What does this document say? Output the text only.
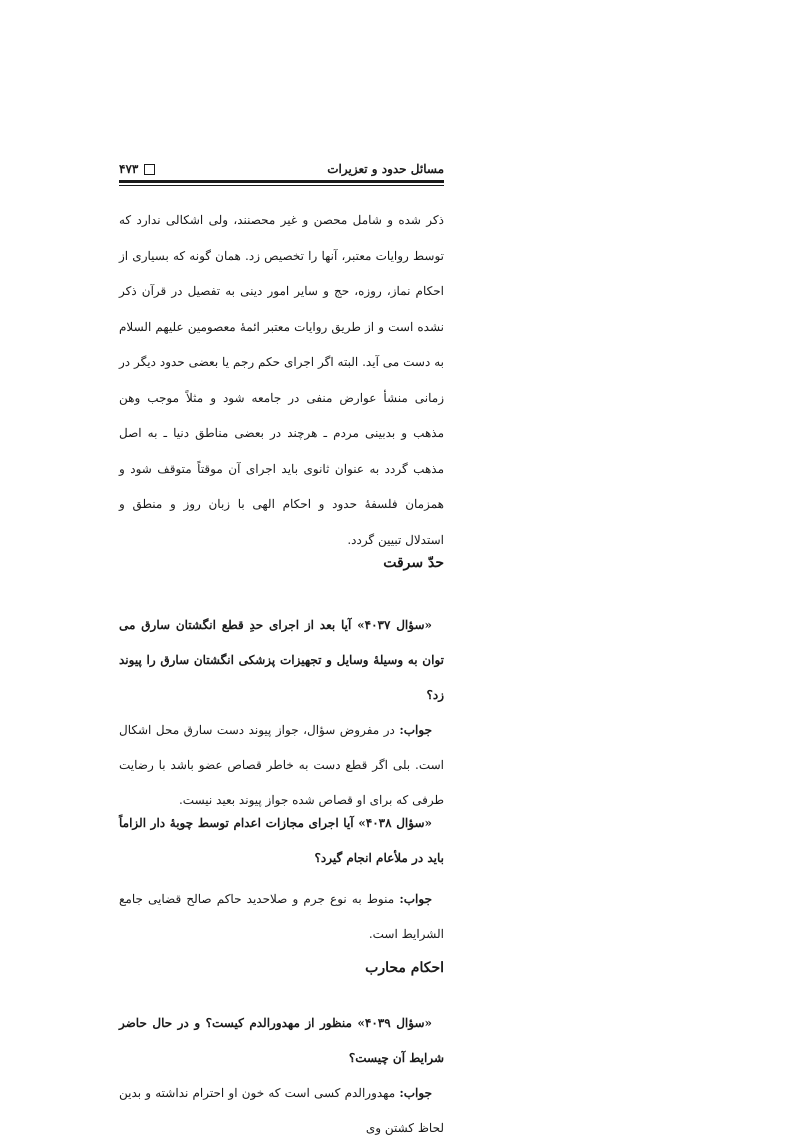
مسائل حدود و تعزیرات
۴۷۳

ذکر شده و شامل محصن و غیر محصنند، ولی اشکالی ندارد که توسط روایات معتبر، آنها را تخصیص زد. همان گونه که بسیاری از احکام نماز، روزه، حج و سایر امور دینی به تفصیل در قرآن ذکر نشده است و از طریق روایات معتبر ائمهٔ معصومین علیهم السلام به دست می آید. البته اگر اجرای حکم رجم یا بعضی حدود دیگر در زمانی منشأ عوارض منفی در جامعه شود و مثلاً موجب وهن مذهب و بدبینی مردم ـ هرچند در بعضی مناطق دنیا ـ به اصل مذهب گردد به عنوان ثانوی باید اجرای آن موقتاً متوقف شود و همزمان فلسفهٔ حدود و احکام الهی با زبان روز و منطق و استدلال تبیین گردد.

حدّ سرقت

«سؤال ۴۰۳۷» آیا بعد از اجرای حدِ قطع انگشتان سارق می توان به وسیلهٔ وسایل و تجهیزات پزشکی انگشتان سارق را پیوند زد؟

جواب: در مفروض سؤال، جواز پیوند دست سارق محل اشکال است. بلی اگر قطع دست به خاطر قصاص عضو باشد با رضایت طرفی که برای او قصاص شده جواز پیوند بعید نیست.

«سؤال ۴۰۳۸» آیا اجرای مجازات اعدام توسط چوبهٔ دار الزاماً باید در ملأعام انجام گیرد؟

جواب: منوط به نوع جرم و صلاحدید حاکم صالح قضایی جامع الشرایط است.

احکام محارب

«سؤال ۴۰۳۹» منظور از مهدورالدم کیست؟ و در حال حاضر شرایط آن چیست؟

جواب: مهدورالدم کسی است که خون او احترام نداشته و بدین لحاظ کشتن وی
